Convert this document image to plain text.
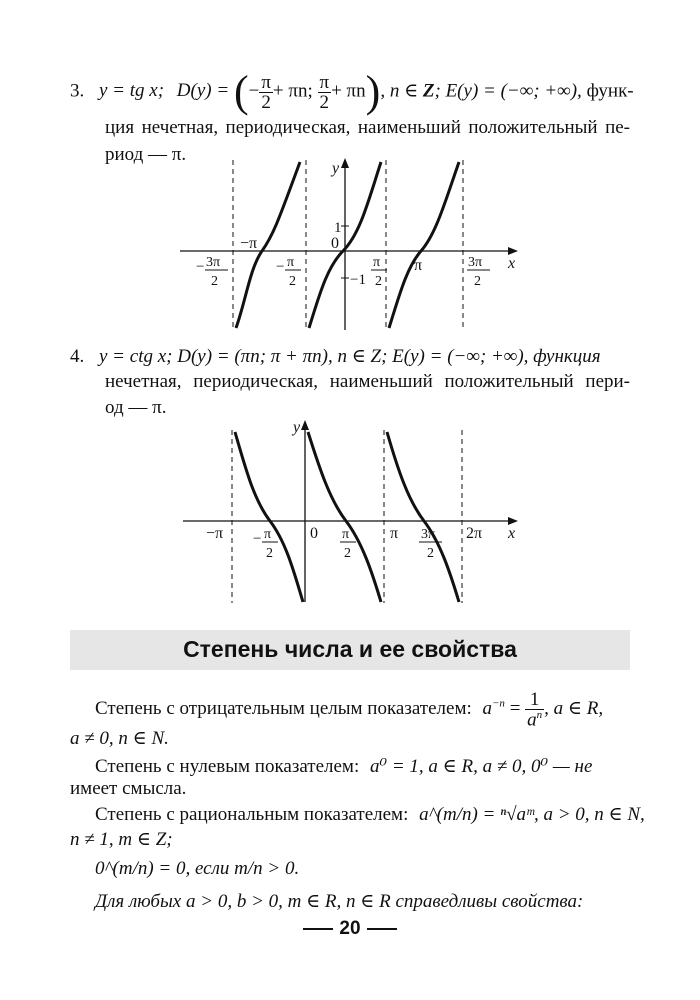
3. y = tg x; D(y) = (− $\frac{\pi}{2} + \pi n$; $\frac{\pi}{2} + \pi n$), n ∈ Z; E(y) = (−∞; +∞), функ-
ция нечетная, периодическая, наименьший положительный пе-
риод — π.
y
x
1
−1
0
−π
π
− 3π
2
− π
2
π
2
3π
2
4. y = ctg x; D(y) = (πn; π + πn), n ∈ Z; E(y) = (−∞; +∞), функция
нечетная, периодическая, наименьший положительный пери-
од — π.
y
x
−π	0	π	2π
− π
2
π
2
3π
2
Степень числа и ее свойства
Степень с отрицательным целым показателем: $a^{-n} = \frac{1}{a^n}$ , a ∈ R,
a ≠ 0, n ∈ N.
Степень с нулевым показателем: a⁰ = 1, a ∈ R, a ≠ 0, 0⁰ — не
имеет смысла.
Степень с рациональным показателем: a^(m/n) = ⁿ√aᵐ, a > 0, n ∈ N,
n ≠ 1, m ∈ Z;
0^(m/n) = 0, если m/n > 0.
Для любых a > 0, b > 0, m ∈ R, n ∈ R справедливы свойства:
20
